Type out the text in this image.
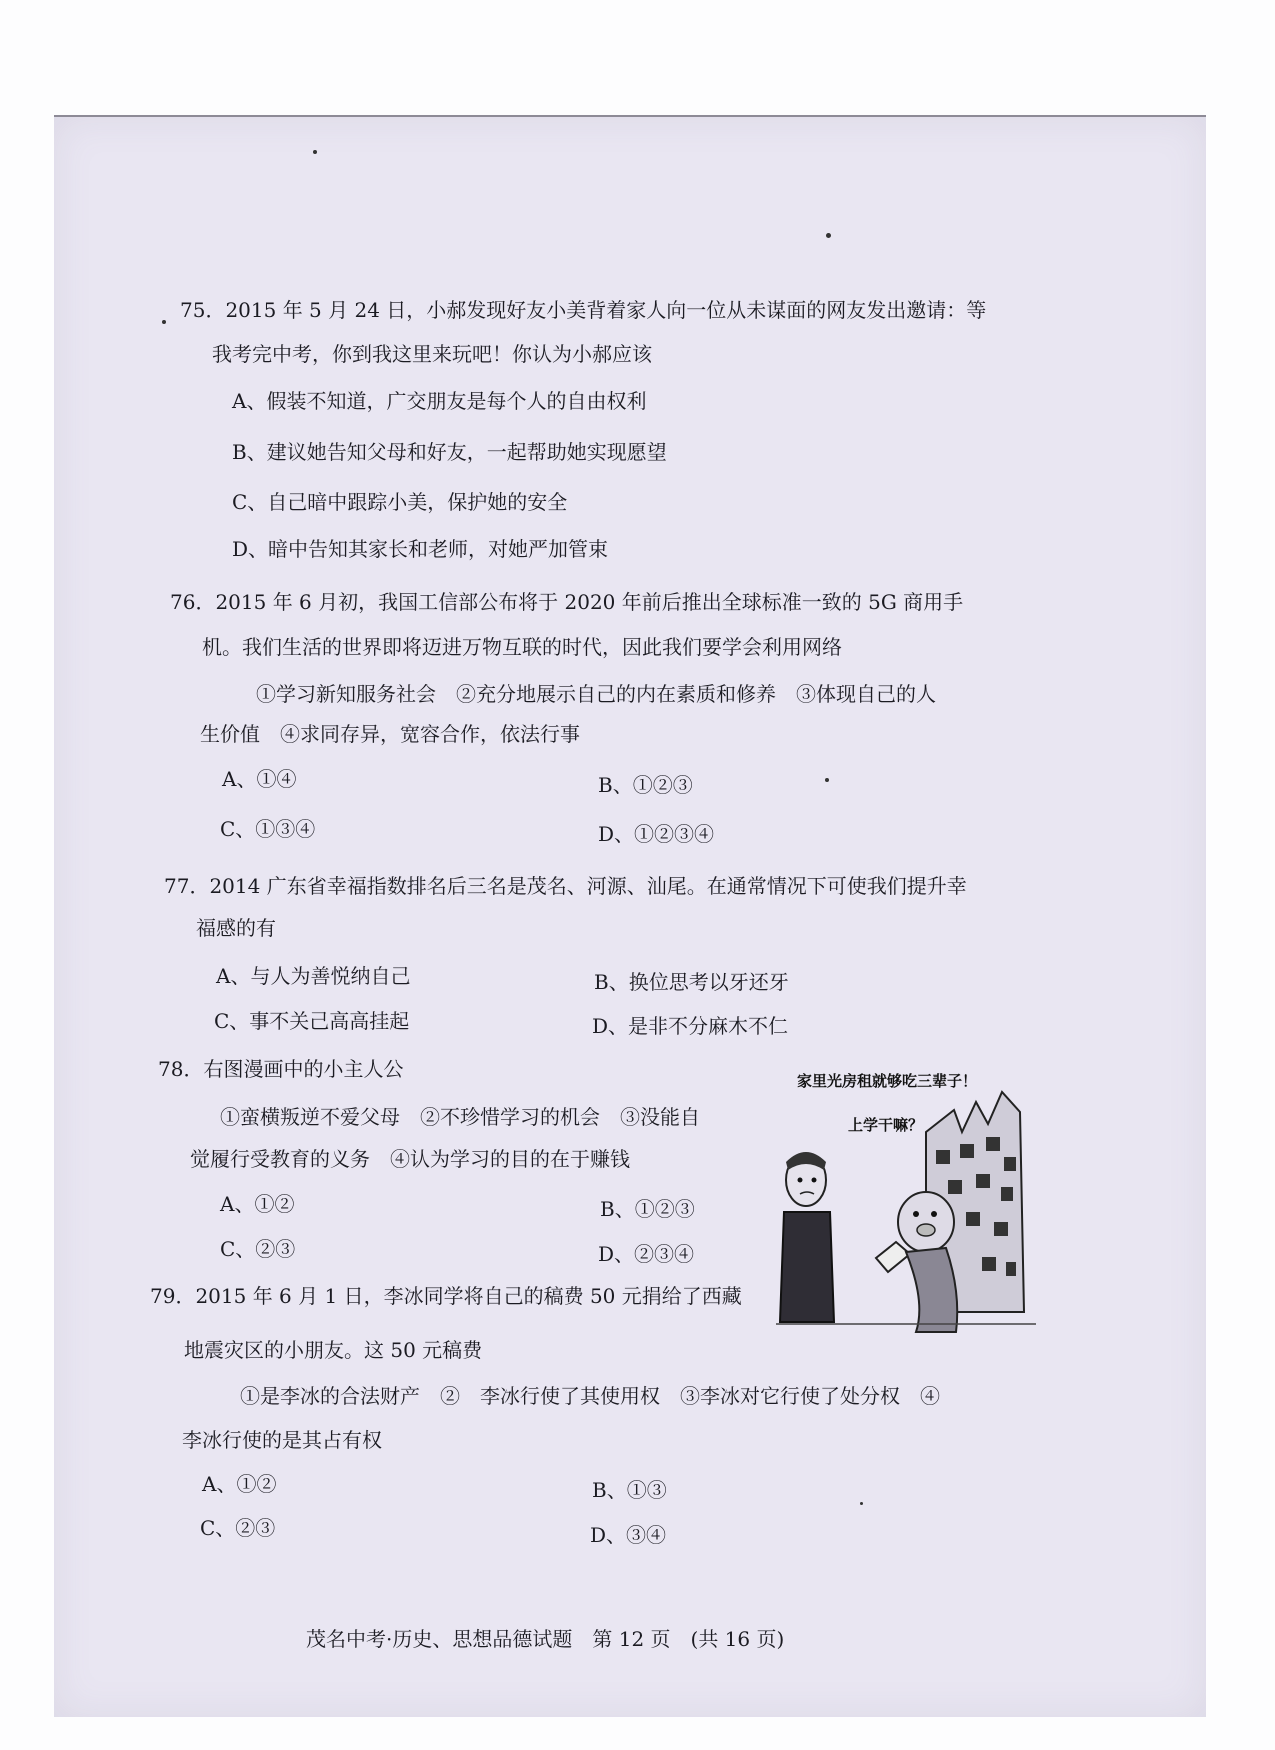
75．2015 年 5 月 24 日，小郝发现好友小美背着家人向一位从未谋面的网友发出邀请：等
我考完中考，你到我这里来玩吧！你认为小郝应该
A、假装不知道，广交朋友是每个人的自由权利
B、建议她告知父母和好友，一起帮助她实现愿望
C、自己暗中跟踪小美，保护她的安全
D、暗中告知其家长和老师，对她严加管束
76．2015 年 6 月初，我国工信部公布将于 2020 年前后推出全球标准一致的 5G 商用手
机。我们生活的世界即将迈进万物互联的时代，因此我们要学会利用网络
①学习新知服务社会　②充分地展示自己的内在素质和修养　③体现自己的人
生价值　④求同存异，宽容合作，依法行事
A、①④	B、①②③
C、①③④	D、①②③④
77．2014 广东省幸福指数排名后三名是茂名、河源、汕尾。在通常情况下可使我们提升幸
福感的有
A、与人为善悦纳自己	B、换位思考以牙还牙
C、事不关己高高挂起	D、是非不分麻木不仁
78．右图漫画中的小主人公
①蛮横叛逆不爱父母　②不珍惜学习的机会　③没能自
觉履行受教育的义务　④认为学习的目的在于赚钱
A、①②	B、①②③
C、②③	D、②③④
家里光房租就够吃三辈子！
上学干嘛？
79．2015 年 6 月 1 日，李冰同学将自己的稿费 50 元捐给了西藏
地震灾区的小朋友。这 50 元稿费
①是李冰的合法财产　②　李冰行使了其使用权　③李冰对它行使了处分权　④
李冰行使的是其占有权
A、①②	B、①③
C、②③	D、③④
茂名中考·历史、思想品德试题　第 12 页　(共 16 页)
